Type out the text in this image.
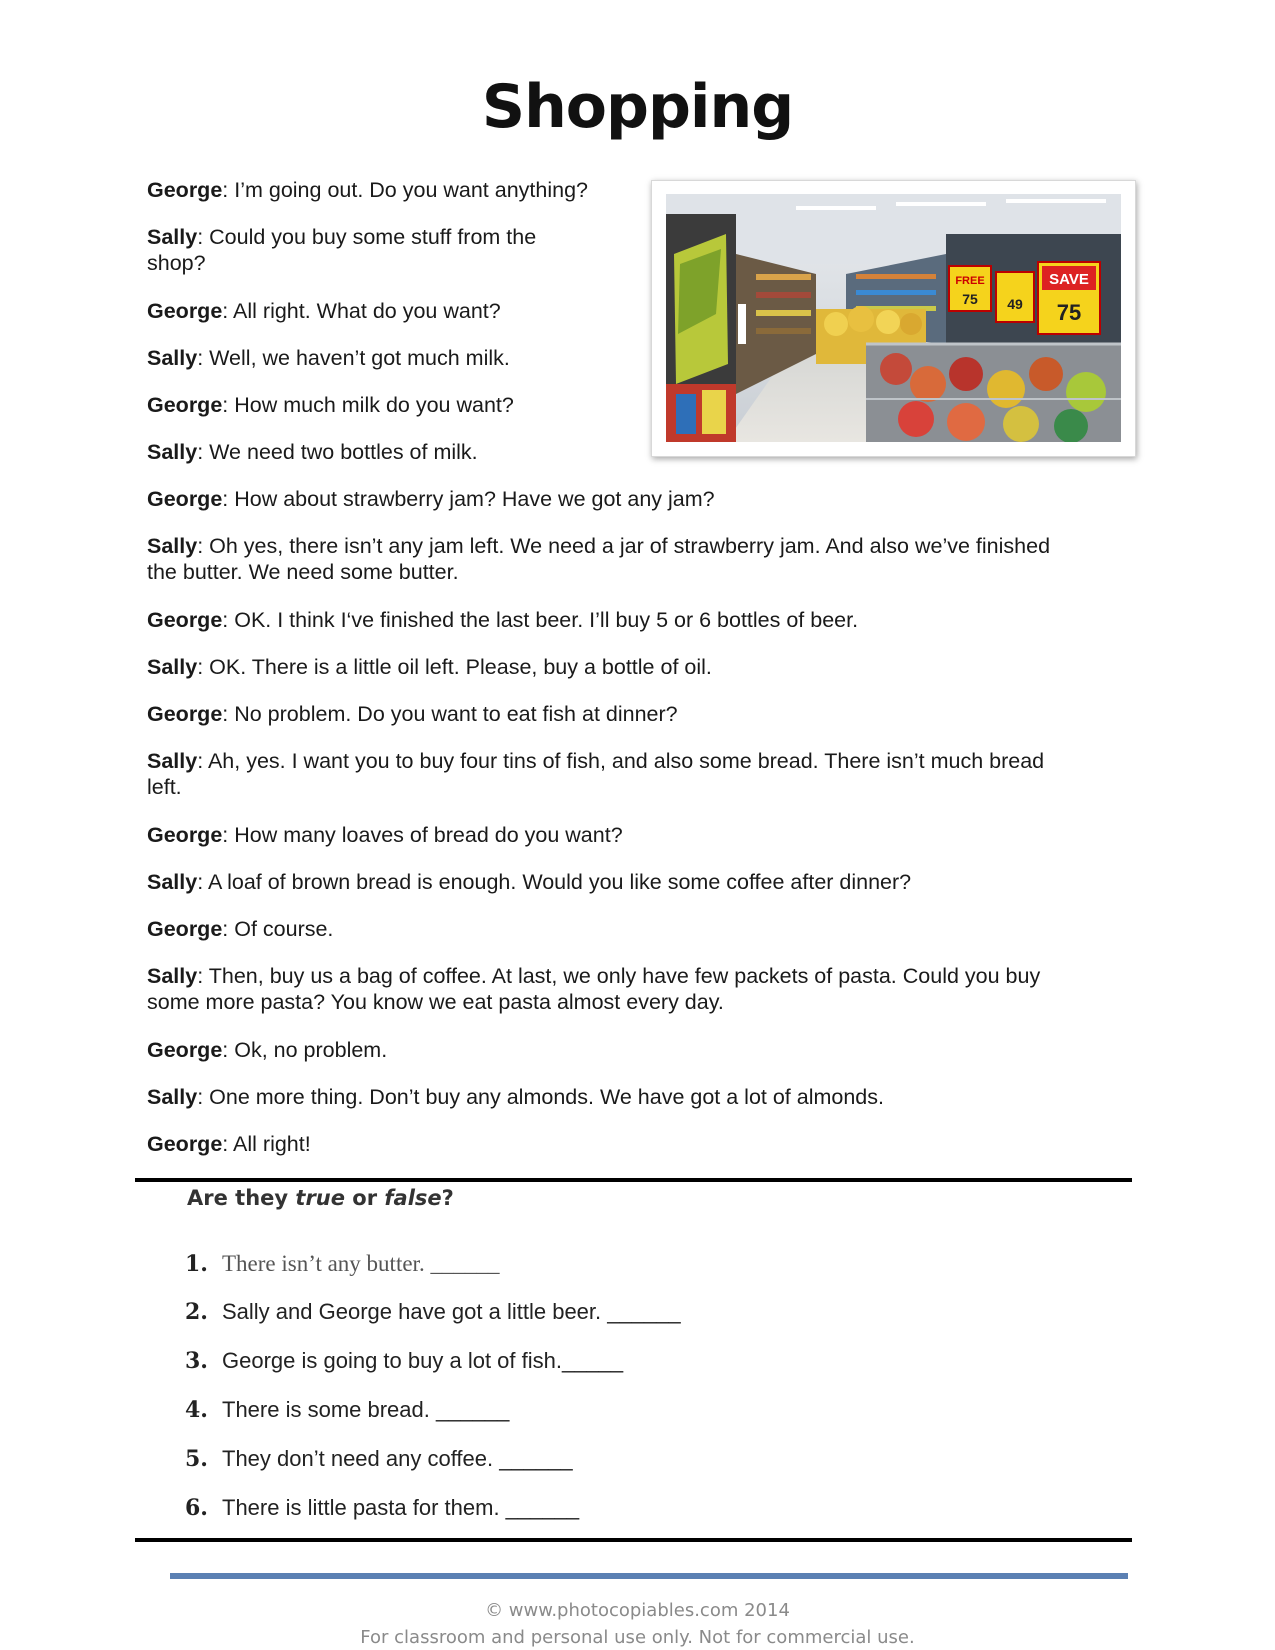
Shopping
George: I’m going out. Do you want anything?
Sally: Could you buy some stuff from the
shop?
George: All right. What do you want?
Sally: Well, we haven’t got much milk.
George: How much milk do you want?
Sally: We need two bottles of milk.
George: How about strawberry jam? Have we got any jam?
Sally: Oh yes, there isn’t any jam left. We need a jar of strawberry jam. And also we’ve finished
the butter. We need some butter.
George: OK. I think I‘ve finished the last beer. I’ll buy 5 or 6 bottles of beer.
Sally: OK. There is a little oil left. Please, buy a bottle of oil.
George: No problem. Do you want to eat fish at dinner?
Sally: Ah, yes. I want you to buy four tins of fish, and also some bread. There isn’t much bread
left.
George: How many loaves of bread do you want?
Sally: A loaf of brown bread is enough. Would you like some coffee after dinner?
George: Of course.
Sally: Then, buy us a bag of coffee. At last, we only have few packets of pasta. Could you buy
some more pasta? You know we eat pasta almost every day.
George: Ok, no problem.
Sally: One more thing. Don’t buy any almonds. We have got a lot of almonds.
George: All right!
FREE
75 49
SAVE
75
Are they true or false?
1. There isn’t any butter. ______
2. Sally and George have got a little beer. ______
3. George is going to buy a lot of fish._____
4. There is some bread. ______
5. They don’t need any coffee. ______
6. There is little pasta for them. ______
© www.photocopiables.com 2014
For classroom and personal use only. Not for commercial use.
